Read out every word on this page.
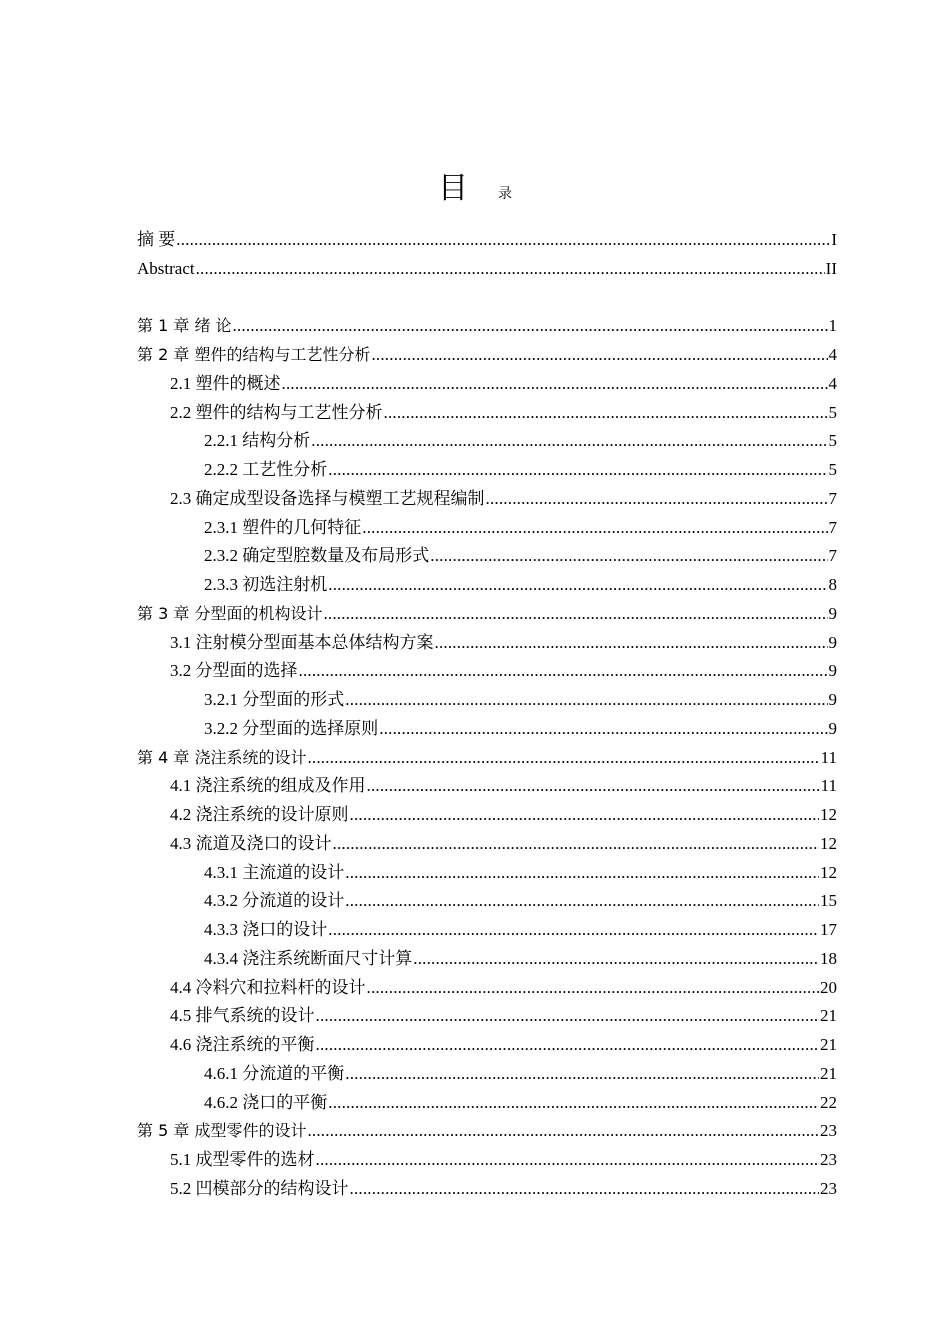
目 录
摘 要 .....	I
Abstract .....	II
第 1 章 绪 论 .....	1
第 2 章 塑件的结构与工艺性分析 .....	4
2.1 塑件的概述 .....	4
2.2 塑件的结构与工艺性分析 .....	5
2.2.1 结构分析 .....	5
2.2.2 工艺性分析 .....	5
2.3 确定成型设备选择与模塑工艺规程编制 .....	7
2.3.1 塑件的几何特征 .....	7
2.3.2 确定型腔数量及布局形式 .....	7
2.3.3 初选注射机 .....	8
第 3 章 分型面的机构设计 .....	9
3.1 注射模分型面基本总体结构方案 .....	9
3.2 分型面的选择 .....	9
3.2.1 分型面的形式 .....	9
3.2.2 分型面的选择原则 .....	9
第 4 章 浇注系统的设计 .....	11
4.1 浇注系统的组成及作用 .....	11
4.2 浇注系统的设计原则 .....	12
4.3 流道及浇口的设计 .....	12
4.3.1 主流道的设计 .....	12
4.3.2 分流道的设计 .....	15
4.3.3 浇口的设计 .....	17
4.3.4 浇注系统断面尺寸计算 .....	18
4.4 冷料穴和拉料杆的设计 .....	20
4.5 排气系统的设计 .....	21
4.6 浇注系统的平衡 .....	21
4.6.1 分流道的平衡 .....	21
4.6.2 浇口的平衡 .....	22
第 5 章 成型零件的设计 .....	23
5.1 成型零件的选材 .....	23
5.2 凹模部分的结构设计 .....	23
